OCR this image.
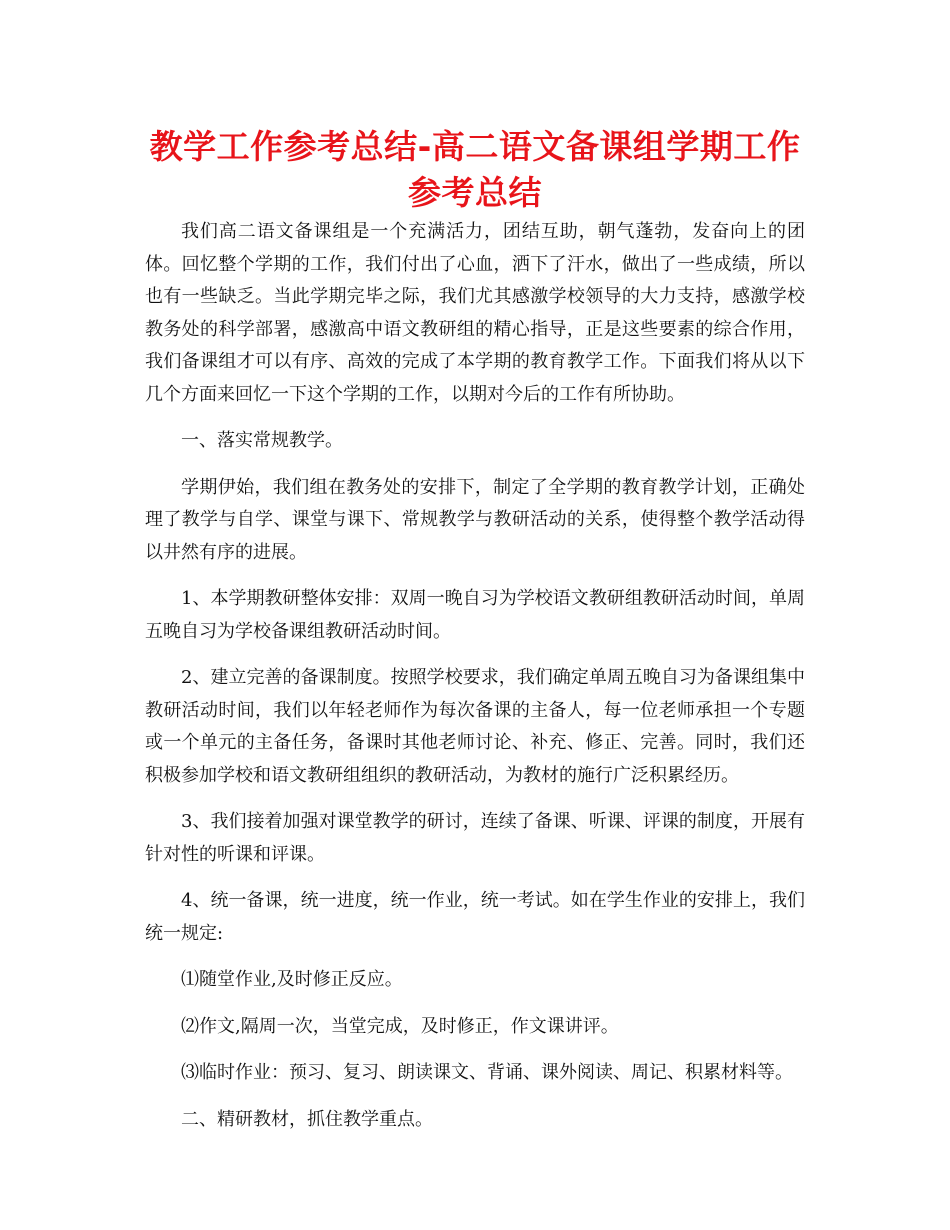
教学工作参考总结-高二语文备课组学期工作参考总结

我们高二语文备课组是一个充满活力，团结互助，朝气蓬勃，发奋向上的团体。回忆整个学期的工作，我们付出了心血，洒下了汗水，做出了一些成绩，所以也有一些缺乏。当此学期完毕之际，我们尤其感激学校领导的大力支持，感激学校教务处的科学部署，感激高中语文教研组的精心指导，正是这些要素的综合作用，我们备课组才可以有序、高效的完成了本学期的教育教学工作。下面我们将从以下几个方面来回忆一下这个学期的工作，以期对今后的工作有所协助。

一、落实常规教学。

学期伊始，我们组在教务处的安排下，制定了全学期的教育教学计划，正确处理了教学与自学、课堂与课下、常规教学与教研活动的关系，使得整个教学活动得以井然有序的进展。

1、本学期教研整体安排：双周一晚自习为学校语文教研组教研活动时间，单周五晚自习为学校备课组教研活动时间。

2、建立完善的备课制度。按照学校要求，我们确定单周五晚自习为备课组集中教研活动时间，我们以年轻老师作为每次备课的主备人，每一位老师承担一个专题或一个单元的主备任务，备课时其他老师讨论、补充、修正、完善。同时，我们还积极参加学校和语文教研组组织的教研活动，为教材的施行广泛积累经历。

3、我们接着加强对课堂教学的研讨，连续了备课、听课、评课的制度，开展有针对性的听课和评课。

4、统一备课，统一进度，统一作业，统一考试。如在学生作业的安排上，我们统一规定:

⑴随堂作业,及时修正反应。

⑵作文,隔周一次，当堂完成，及时修正，作文课讲评。

⑶临时作业：预习、复习、朗读课文、背诵、课外阅读、周记、积累材料等。

二、精研教材，抓住教学重点。
